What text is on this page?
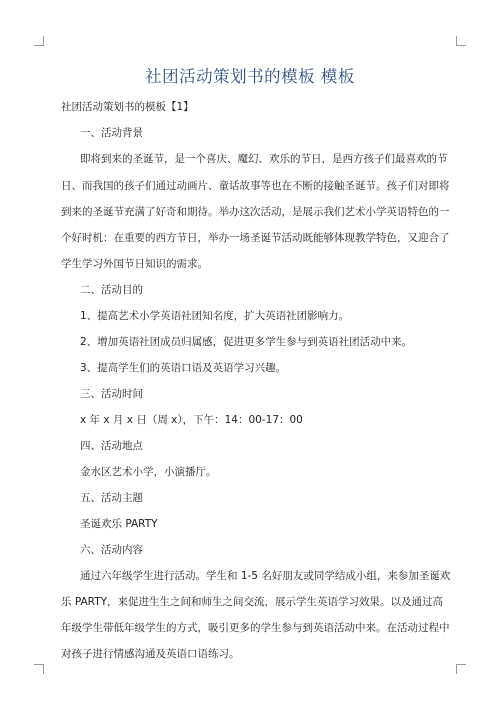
社团活动策划书的模板 模板
社团活动策划书的模板【1】
一、活动背景
即将到来的圣诞节，是一个喜庆、魔幻、欢乐的节日，是西方孩子们最喜欢的节
日、而我国的孩子们通过动画片、童话故事等也在不断的接触圣诞节。孩子们对即将
到来的圣诞节充满了好奇和期待。举办这次活动，是展示我们艺术小学英语特色的一
个好时机：在重要的西方节日，举办一场圣诞节活动既能够体现教学特色，又迎合了
学生学习外国节日知识的需求。
二、活动目的
1、提高艺术小学英语社团知名度，扩大英语社团影响力。
2、增加英语社团成员归属感，促进更多学生参与到英语社团活动中来。
3、提高学生们的英语口语及英语学习兴趣。
三、活动时间
x 年 x 月 x 日（周 x），下午：14：00-17：00
四、活动地点
金水区艺术小学，小演播厅。
五、活动主题
圣诞欢乐 PARTY
六、活动内容
通过六年级学生进行活动。学生和 1-5 名好朋友或同学结成小组，来参加圣诞欢
乐 PARTY，来促进生生之间和师生之间交流，展示学生英语学习效果。以及通过高
年级学生带低年级学生的方式，吸引更多的学生参与到英语活动中来。在活动过程中
对孩子进行情感沟通及英语口语练习。
